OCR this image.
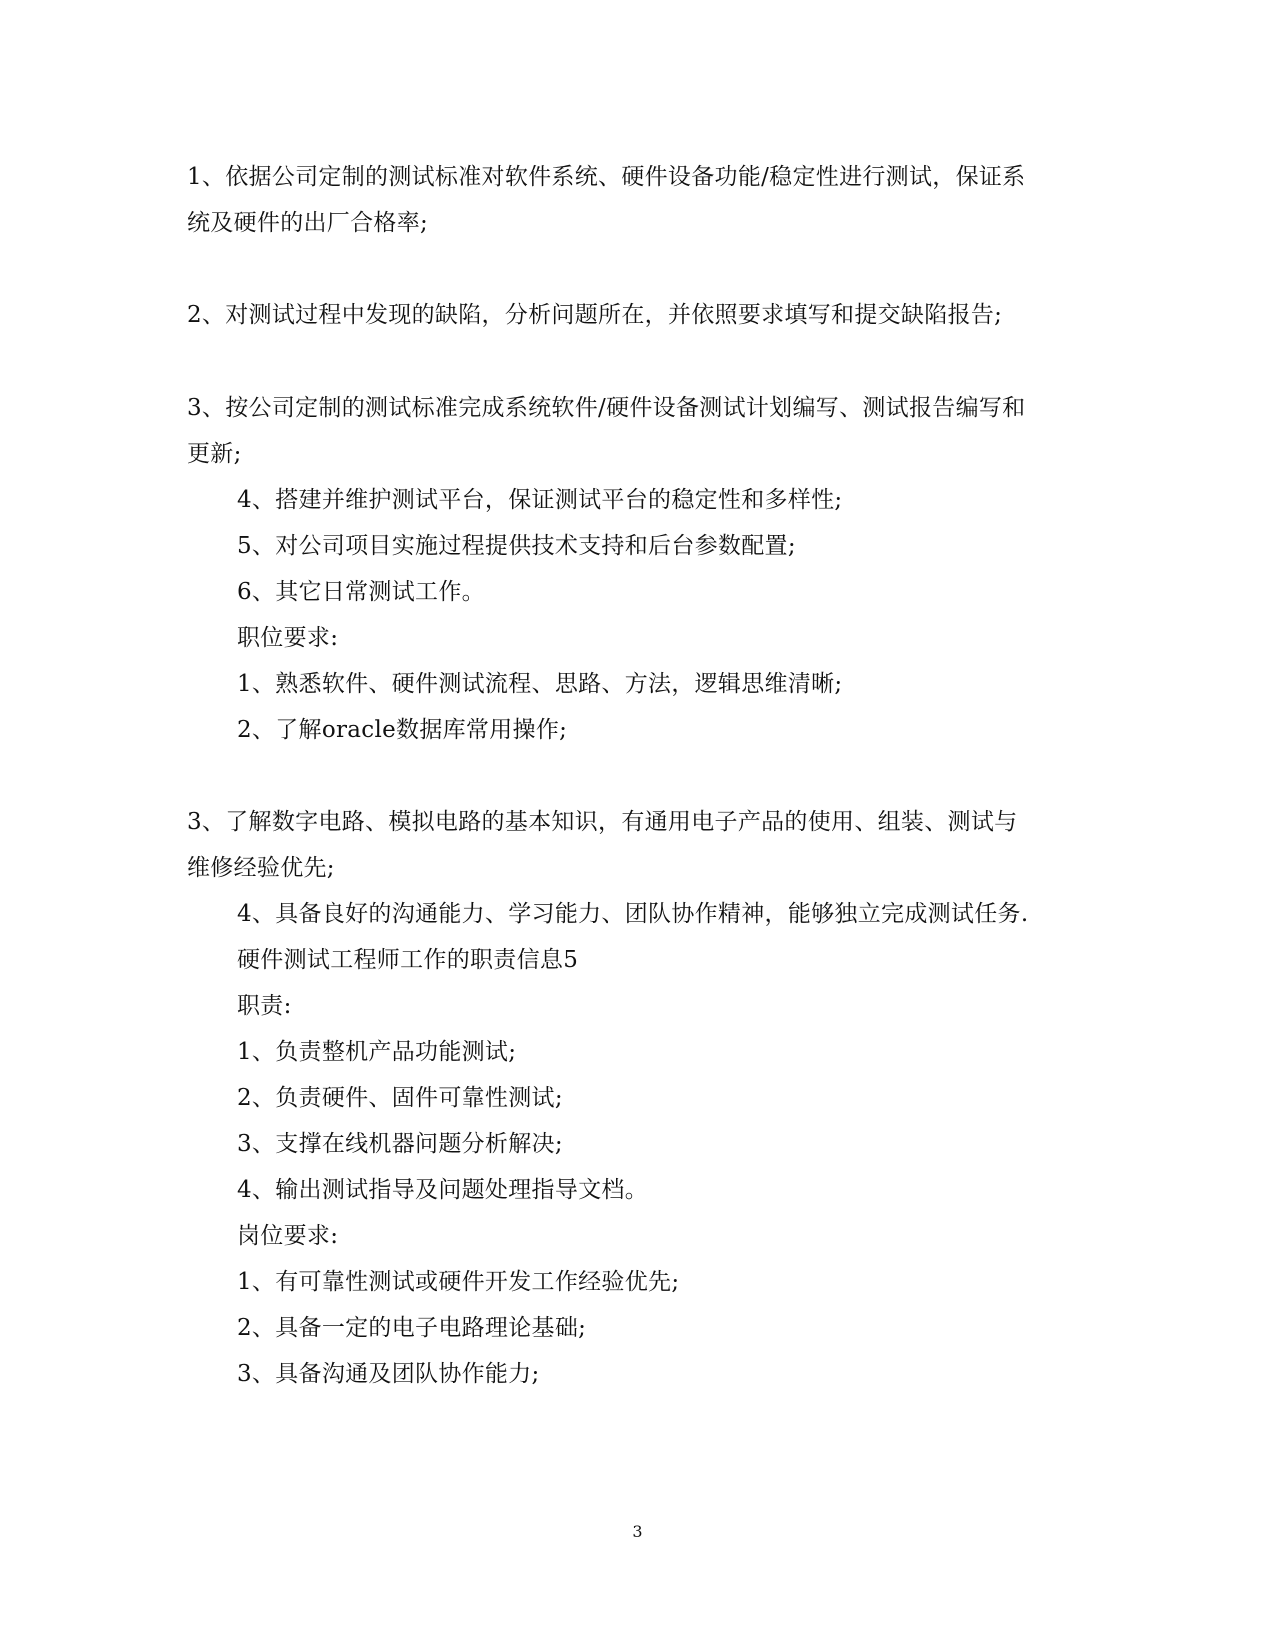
1、依据公司定制的测试标准对软件系统、硬件设备功能/稳定性进行测试，保证系
统及硬件的出厂合格率;
2、对测试过程中发现的缺陷，分析问题所在，并依照要求填写和提交缺陷报告;
3、按公司定制的测试标准完成系统软件/硬件设备测试计划编写、测试报告编写和
更新;
4、搭建并维护测试平台，保证测试平台的稳定性和多样性;
5、对公司项目实施过程提供技术支持和后台参数配置;
6、其它日常测试工作。
职位要求:
1、熟悉软件、硬件测试流程、思路、方法，逻辑思维清晰;
2、了解oracle数据库常用操作;
3、了解数字电路、模拟电路的基本知识，有通用电子产品的使用、组装、测试与
维修经验优先;
4、具备良好的沟通能力、学习能力、团队协作精神，能够独立完成测试任务.
硬件测试工程师工作的职责信息5
职责:
1、负责整机产品功能测试;
2、负责硬件、固件可靠性测试;
3、支撑在线机器问题分析解决;
4、输出测试指导及问题处理指导文档。
岗位要求:
1、有可靠性测试或硬件开发工作经验优先;
2、具备一定的电子电路理论基础;
3、具备沟通及团队协作能力;
3
